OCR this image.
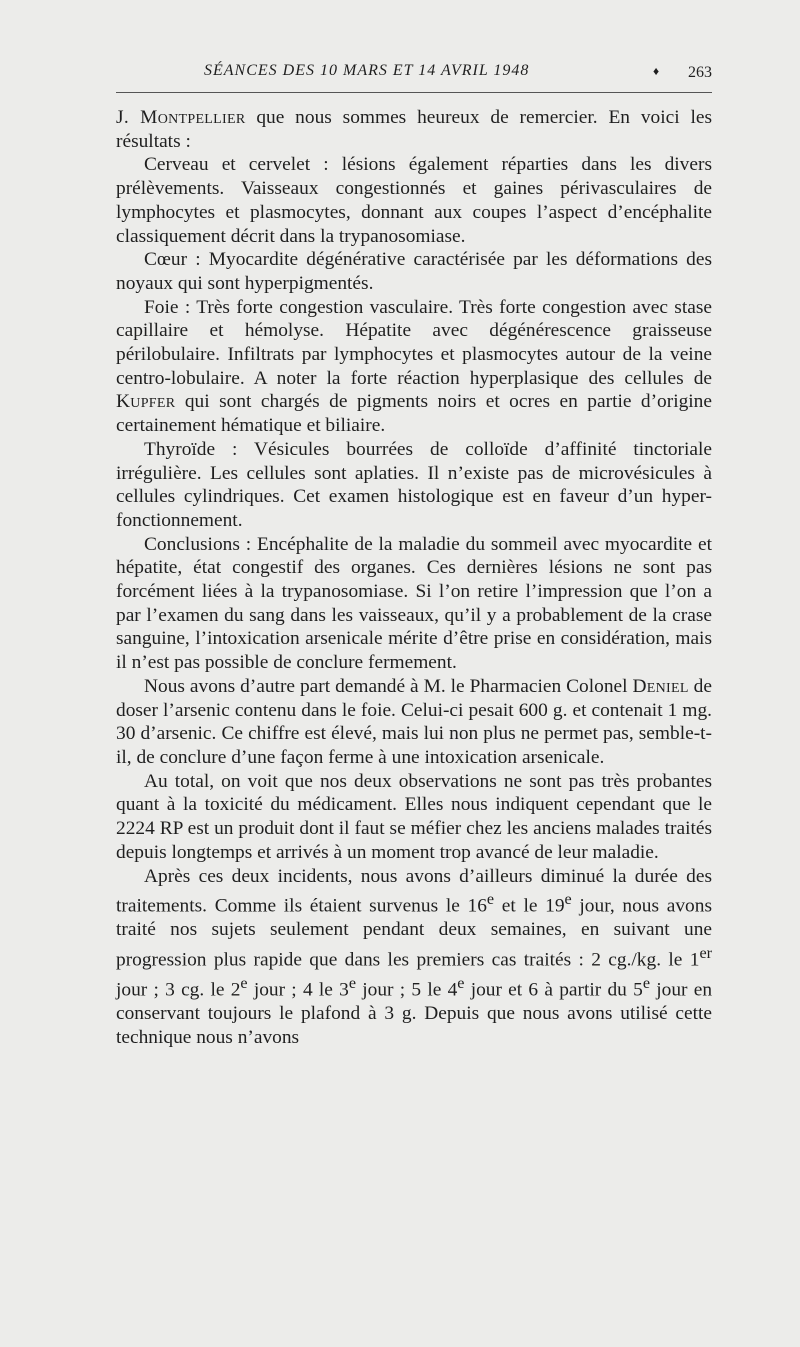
SÉANCES DES 10 MARS ET 14 AVRIL 1948	♦ 263

J. Montpellier que nous sommes heureux de remercier. En voici les résultats :

Cerveau et cervelet : lésions également réparties dans les divers prélèvements. Vaisseaux congestionnés et gaines périvasculaires de lymphocytes et plasmocytes, donnant aux coupes l’aspect d’encéphalite classiquement décrit dans la trypanosomiase.

Cœur : Myocardite dégénérative caractérisée par les déformations des noyaux qui sont hyperpigmentés.

Foie : Très forte congestion vasculaire. Très forte congestion avec stase capillaire et hémolyse. Hépatite avec dégénérescence graisseuse périlobulaire. Infiltrats par lymphocytes et plasmocytes autour de la veine centro-lobulaire. A noter la forte réaction hyperplasique des cellules de Kupfer qui sont chargés de pigments noirs et ocres en partie d’origine certainement hématique et biliaire.

Thyroïde : Vésicules bourrées de colloïde d’affinité tinctoriale irrégulière. Les cellules sont aplaties. Il n’existe pas de microvésicules à cellules cylindriques. Cet examen histologique est en faveur d’un hyper-fonctionnement.

Conclusions : Encéphalite de la maladie du sommeil avec myocardite et hépatite, état congestif des organes. Ces dernières lésions ne sont pas forcément liées à la trypanosomiase. Si l’on retire l’impression que l’on a par l’examen du sang dans les vaisseaux, qu’il y a probablement de la crase sanguine, l’intoxication arsenicale mérite d’être prise en considération, mais il n’est pas possible de conclure fermement.

Nous avons d’autre part demandé à M. le Pharmacien Colonel Deniel de doser l’arsenic contenu dans le foie. Celui-ci pesait 600 g. et contenait 1 mg. 30 d’arsenic. Ce chiffre est élevé, mais lui non plus ne permet pas, semble-t-il, de conclure d’une façon ferme à une intoxication arsenicale.

Au total, on voit que nos deux observations ne sont pas très probantes quant à la toxicité du médicament. Elles nous indiquent cependant que le 2224 RP est un produit dont il faut se méfier chez les anciens malades traités depuis longtemps et arrivés à un moment trop avancé de leur maladie.

Après ces deux incidents, nous avons d’ailleurs diminué la durée des traitements. Comme ils étaient survenus le 16e et le 19e jour, nous avons traité nos sujets seulement pendant deux semaines, en suivant une progression plus rapide que dans les premiers cas traités : 2 cg./kg. le 1er jour ; 3 cg. le 2e jour ; 4 le 3e jour ; 5 le 4e jour et 6 à partir du 5e jour en conservant toujours le plafond à 3 g. Depuis que nous avons utilisé cette technique nous n’avons
